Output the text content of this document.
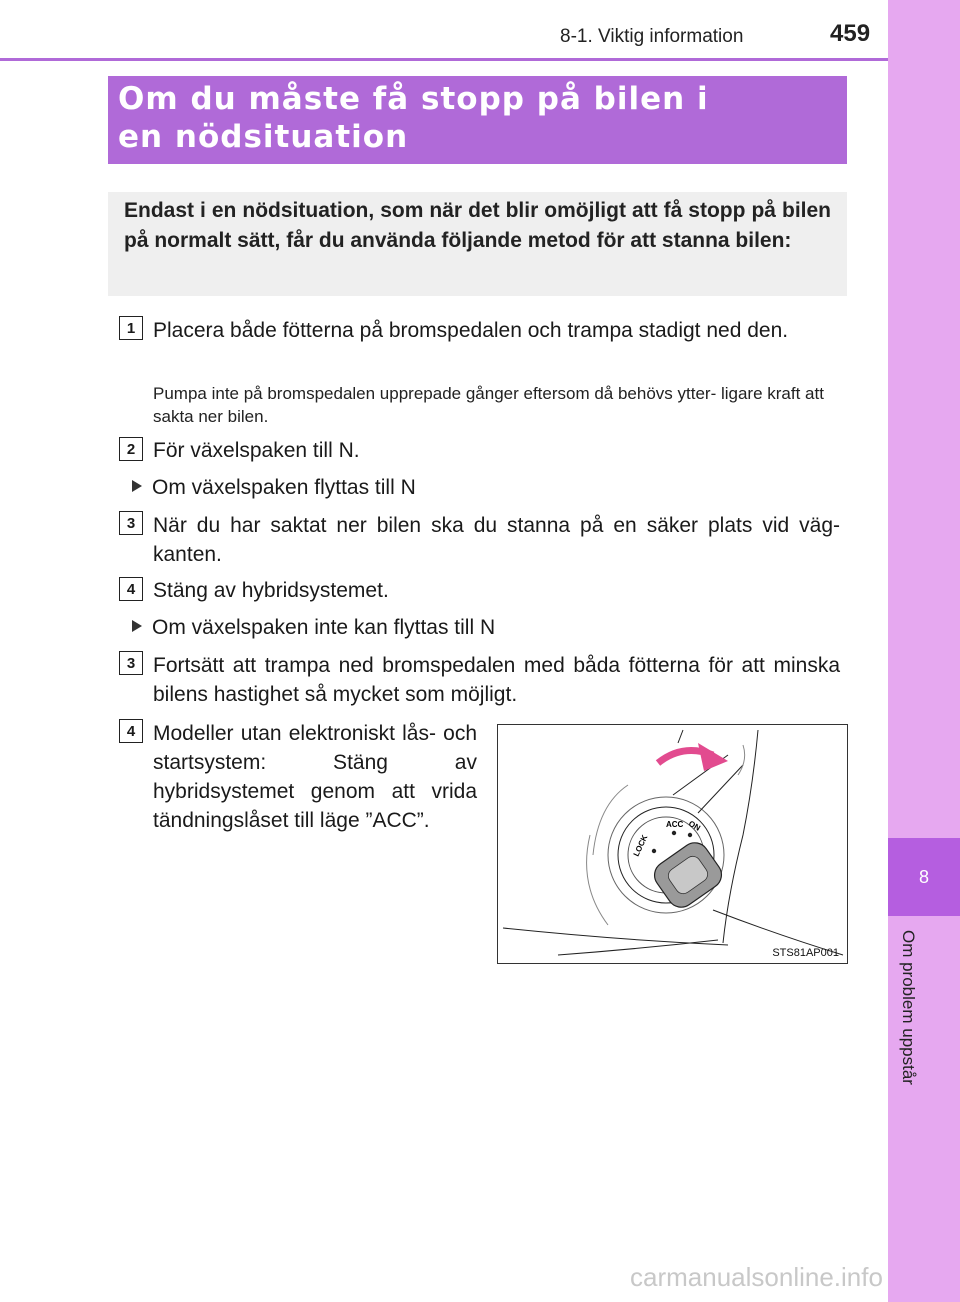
8-1. Viktig information	459
8
Om problem uppstår
Om du måste få stopp på bilen i en nödsituation
Endast i en nödsituation, som när det blir omöjligt att få stopp på bilen på normalt sätt, får du använda följande metod för att stanna bilen:
1 Placera både fötterna på bromspedalen och trampa stadigt ned den.
Pumpa inte på bromspedalen upprepade gånger eftersom då behövs ytter- ligare kraft att sakta ner bilen.
2 För växelspaken till N.
Om växelspaken flyttas till N
3 När du har saktat ner bilen ska du stanna på en säker plats vid väg- kanten.
4 Stäng av hybridsystemet.
Om växelspaken inte kan flyttas till N
3 Fortsätt att trampa ned bromspedalen med båda fötterna för att minska bilens hastighet så mycket som möjligt.
4 Modeller utan elektroniskt lås- och startsystem: Stäng av hybridsystemet genom att vrida tändningslåset till läge ”ACC”.
LOCK
ACC ON
STS81AP001
carmanualsonline.info
